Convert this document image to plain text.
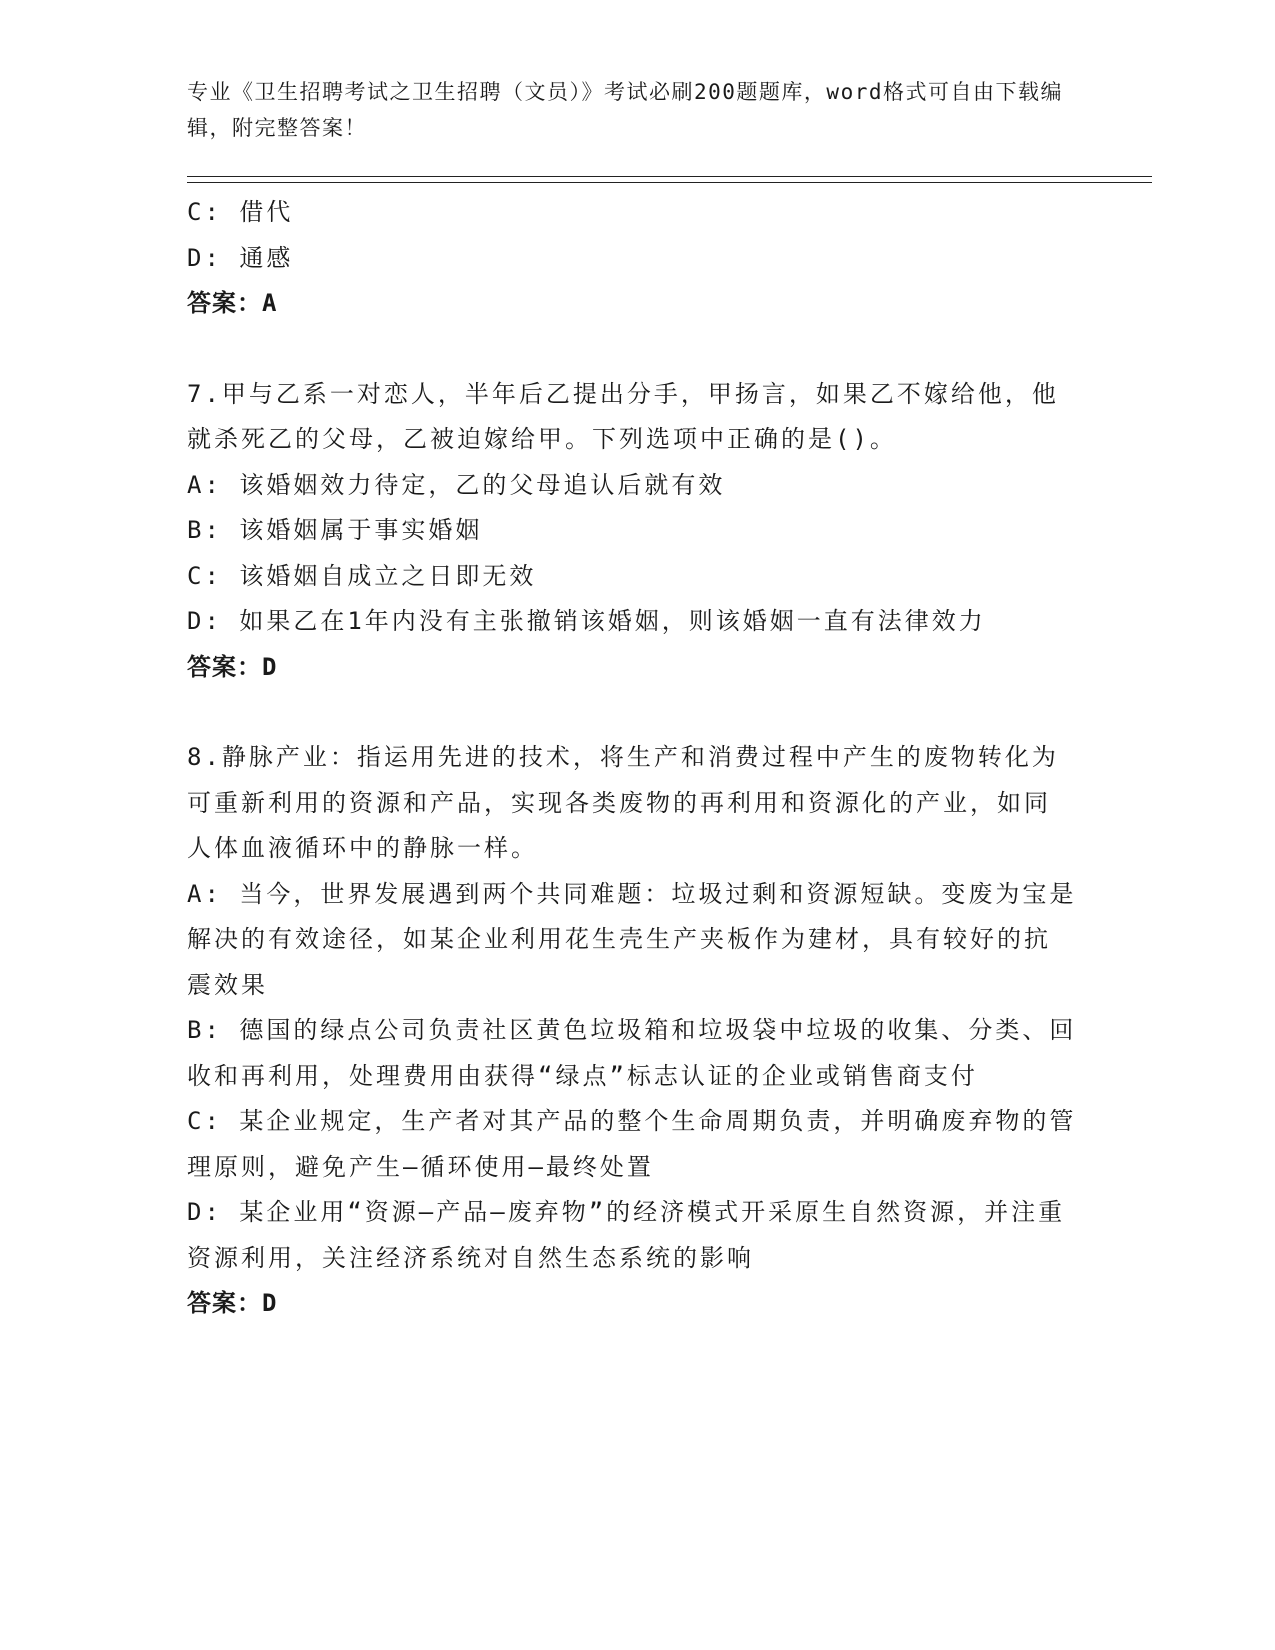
专业《卫生招聘考试之卫生招聘（文员）》考试必刷200题题库，word格式可自由下载编辑，附完整答案！

C: 借代

D: 通感

答案：A

7.甲与乙系一对恋人，半年后乙提出分手，甲扬言，如果乙不嫁给他，他就杀死乙的父母，乙被迫嫁给甲。下列选项中正确的是()。

A: 该婚姻效力待定，乙的父母追认后就有效

B: 该婚姻属于事实婚姻

C: 该婚姻自成立之日即无效

D: 如果乙在1年内没有主张撤销该婚姻，则该婚姻一直有法律效力

答案：D

8.静脉产业：指运用先进的技术，将生产和消费过程中产生的废物转化为可重新利用的资源和产品，实现各类废物的再利用和资源化的产业，如同人体血液循环中的静脉一样。

A: 当今，世界发展遇到两个共同难题：垃圾过剩和资源短缺。变废为宝是解决的有效途径，如某企业利用花生壳生产夹板作为建材，具有较好的抗震效果

B: 德国的绿点公司负责社区黄色垃圾箱和垃圾袋中垃圾的收集、分类、回收和再利用，处理费用由获得“绿点”标志认证的企业或销售商支付

C: 某企业规定，生产者对其产品的整个生命周期负责，并明确废弃物的管理原则，避免产生—循环使用—最终处置

D: 某企业用“资源—产品—废弃物”的经济模式开采原生自然资源，并注重资源利用，关注经济系统对自然生态系统的影响

答案：D
